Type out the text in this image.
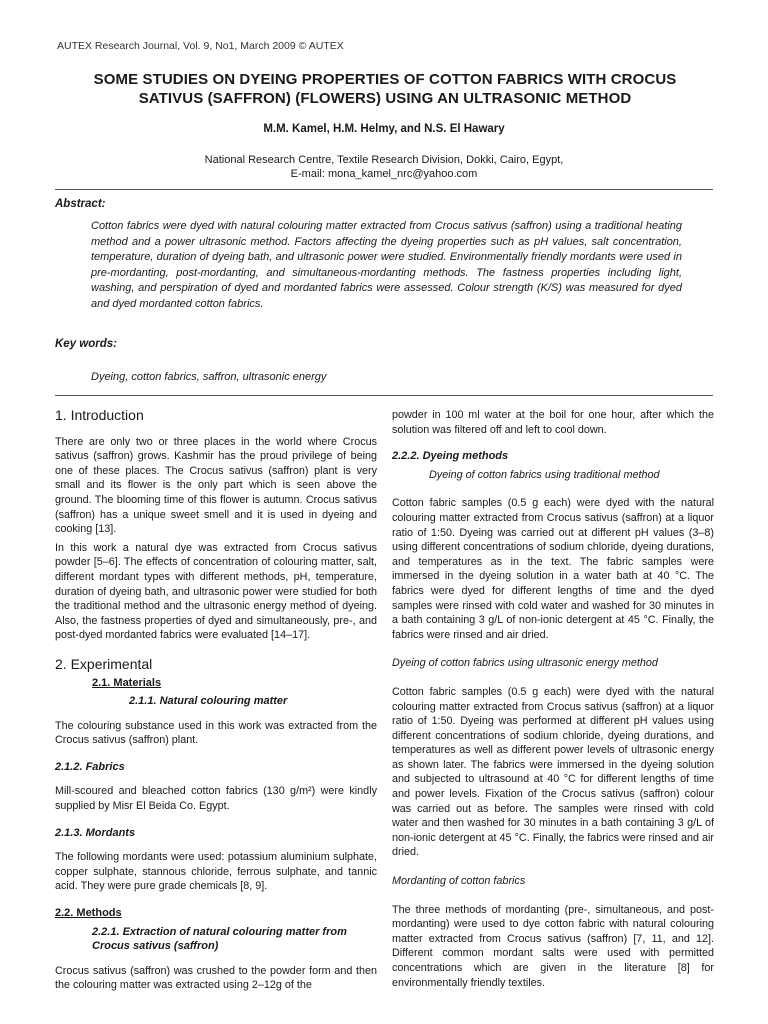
AUTEX Research Journal, Vol. 9, No1, March 2009 © AUTEX
SOME STUDIES ON DYEING PROPERTIES OF COTTON FABRICS WITH CROCUS SATIVUS (SAFFRON) (FLOWERS) USING AN ULTRASONIC METHOD
M.M. Kamel, H.M. Helmy, and N.S. El Hawary
National Research Centre, Textile Research Division, Dokki, Cairo, Egypt,
E-mail: mona_kamel_nrc@yahoo.com
Abstract:
Cotton fabrics were dyed with natural colouring matter extracted from Crocus sativus (saffron) using a traditional heating method and a power ultrasonic method. Factors affecting the dyeing properties such as pH values, salt concentration, temperature, duration of dyeing bath, and ultrasonic power were studied. Environmentally friendly mordants were used in pre-mordanting, post-mordanting, and simultaneous-mordanting methods. The fastness properties including light, washing, and perspiration of dyed and mordanted fabrics were assessed. Colour strength (K/S) was measured for dyed and dyed mordanted cotton fabrics.
Key words:
Dyeing, cotton fabrics, saffron, ultrasonic energy
1. Introduction

There are only two or three places in the world where Crocus sativus (saffron) grows. Kashmir has the proud privilege of being one of these places. The Crocus sativus (saffron) plant is very small and its flower is the only part which is seen above the ground. The blooming time of this flower is autumn. Crocus sativus (saffron) has a unique sweet smell and it is used in dyeing and cooking [13].

In this work a natural dye was extracted from Crocus sativus powder [5–6]. The effects of concentration of colouring matter, salt, different mordant types with different methods, pH, temperature, duration of dyeing bath, and ultrasonic power were studied for both the traditional method and the ultrasonic energy method of dyeing. Also, the fastness properties of dyed and simultaneously, pre-, and post-dyed mordanted fabrics were evaluated [14–17].

2. Experimental
2.1. Materials
2.1.1. Natural colouring matter

The colouring substance used in this work was extracted from the Crocus sativus (saffron) plant.

2.1.2. Fabrics

Mill-scoured and bleached cotton fabrics (130 g/m²) were kindly supplied by Misr El Beida Co. Egypt.

2.1.3. Mordants

The following mordants were used: potassium aluminium sulphate, copper sulphate, stannous chloride, ferrous sulphate, and tannic acid. They were pure grade chemicals [8, 9].

2.2. Methods
2.2.1. Extraction of natural colouring matter from Crocus sativus (saffron)

Crocus sativus (saffron) was crushed to the powder form and then the colouring matter was extracted using 2–12g of the

powder in 100 ml water at the boil for one hour, after which the solution was filtered off and left to cool down.

2.2.2. Dyeing methods
Dyeing of cotton fabrics using traditional method

Cotton fabric samples (0.5 g each) were dyed with the natural colouring matter extracted from Crocus sativus (saffron) at a liquor ratio of 1:50. Dyeing was carried out at different pH values (3–8) using different concentrations of sodium chloride, dyeing durations, and temperatures as in the text. The fabric samples were immersed in the dyeing solution in a water bath at 40 °C. The fabrics were dyed for different lengths of time and the dyed samples were rinsed with cold water and washed for 30 minutes in a bath containing 3 g/L of non-ionic detergent at 45 °C. Finally, the fabrics were rinsed and air dried.

Dyeing of cotton fabrics using ultrasonic energy method

Cotton fabric samples (0.5 g each) were dyed with the natural colouring matter extracted from Crocus sativus (saffron) at a liquor ratio of 1:50. Dyeing was performed at different pH values using different concentrations of sodium chloride, dyeing durations, and temperatures as well as different power levels of ultrasonic energy as shown later. The fabrics were immersed in the dyeing solution and subjected to ultrasound at 40 °C for different lengths of time and power levels. Fixation of the Crocus sativus (saffron) colour was carried out as before. The samples were rinsed with cold water and then washed for 30 minutes in a bath containing 3 g/L of non-ionic detergent at 45 °C. Finally, the fabrics were rinsed and air dried.

Mordanting of cotton fabrics

The three methods of mordanting (pre-, simultaneous, and post-mordanting) were used to dye cotton fabric with natural colouring matter extracted from Crocus sativus (saffron) [7, 11, and 12]. Different common mordant salts were used with permitted concentrations which are given in the literature [8] for environmentally friendly textiles.
